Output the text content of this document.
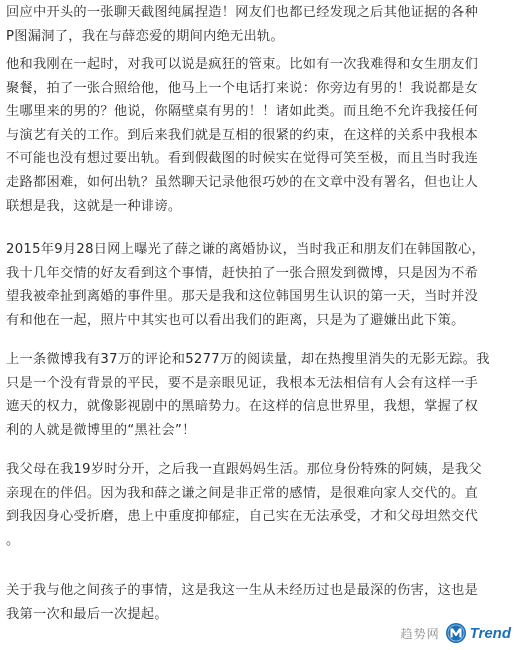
回应中开头的一张聊天截图纯属捏造！网友们也都已经发现之后其他证据的各种
P图漏洞了，我在与薛恋爱的期间内绝无出轨。
他和我刚在一起时，对我可以说是疯狂的管束。比如有一次我难得和女生朋友们
聚餐，拍了一张合照给他，他马上一个电话打来说：你旁边有男的！我说都是女
生哪里来的男的？他说，你隔壁桌有男的！！诸如此类。而且绝不允许我接任何
与演艺有关的工作。到后来我们就是互相的很紧的约束，在这样的关系中我根本
不可能也没有想过要出轨。看到假截图的时候实在觉得可笑至极，而且当时我连
走路都困难，如何出轨？虽然聊天记录他很巧妙的在文章中没有署名，但也让人
联想是我，这就是一种诽谤。
2015年9月28日网上曝光了薛之谦的离婚协议，当时我正和朋友们在韩国散心，
我十几年交情的好友看到这个事情，赶快拍了一张合照发到微博，只是因为不希
望我被牵扯到离婚的事件里。那天是我和这位韩国男生认识的第一天，当时并没
有和他在一起，照片中其实也可以看出我们的距离，只是为了避嫌出此下策。
上一条微博我有37万的评论和5277万的阅读量，却在热搜里消失的无影无踪。我
只是一个没有背景的平民，要不是亲眼见证，我根本无法相信有人会有这样一手
遮天的权力，就像影视剧中的黑暗势力。在这样的信息世界里，我想，掌握了权
利的人就是微博里的“黑社会”！
我父母在我19岁时分开，之后我一直跟妈妈生活。那位身份特殊的阿姨，是我父
亲现在的伴侣。因为我和薛之谦之间是非正常的感情，是很难向家人交代的。直
到我因身心受折磨，患上中重度抑郁症，自己实在无法承受，才和父母坦然交代
。
关于我与他之间孩子的事情，这是我这一生从未经历过也是最深的伤害，这也是
我第一次和最后一次提起。
趋势网 Trend
